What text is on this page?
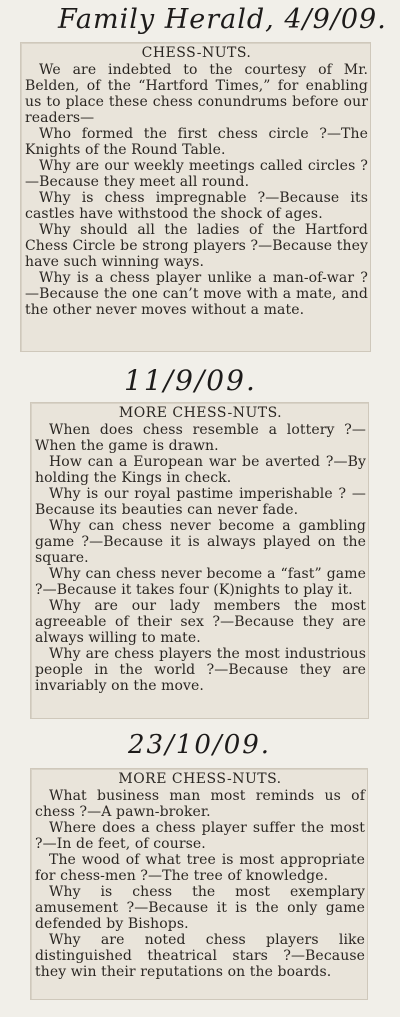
Family Herald, 4/9/09.
CHESS-NUTS.

We are indebted to the courtesy of Mr. Belden, of the “Hartford Times,” for enabling us to place these chess conundrums before our readers—

Who formed the first chess circle ?—The Knights of the Round Table.

Why are our weekly meetings called circles ? —Because they meet all round.

Why is chess impregnable ?—Because its castles have withstood the shock of ages.

Why should all the ladies of the Hartford Chess Circle be strong players ?—Because they have such winning ways.

Why is a chess player unlike a man-of-war ?—Because the one can’t move with a mate, and the other never moves without a mate.

11/9/09.
MORE CHESS-NUTS.

When does chess resemble a lottery ?— When the game is drawn.

How can a European war be averted ?—By holding the Kings in check.

Why is our royal pastime imperishable ? —Because its beauties can never fade.

Why can chess never become a gambling game ?—Because it is always played on the square.

Why can chess never become a “fast” game ?—Because it takes four (K)nights to play it.

Why are our lady members the most agreeable of their sex ?—Because they are always willing to mate.

Why are chess players the most industrious people in the world ?—Because they are invariably on the move.

23/10/09.
MORE CHESS-NUTS.

What business man most reminds us of chess ?—A pawn-broker.

Where does a chess player suffer the most ?—In de feet, of course.

The wood of what tree is most appropriate for chess-men ?—The tree of knowledge.

Why is chess the most exemplary amusement ?—Because it is the only game defended by Bishops.

Why are noted chess players like distinguished theatrical stars ?—Because they win their reputations on the boards.
